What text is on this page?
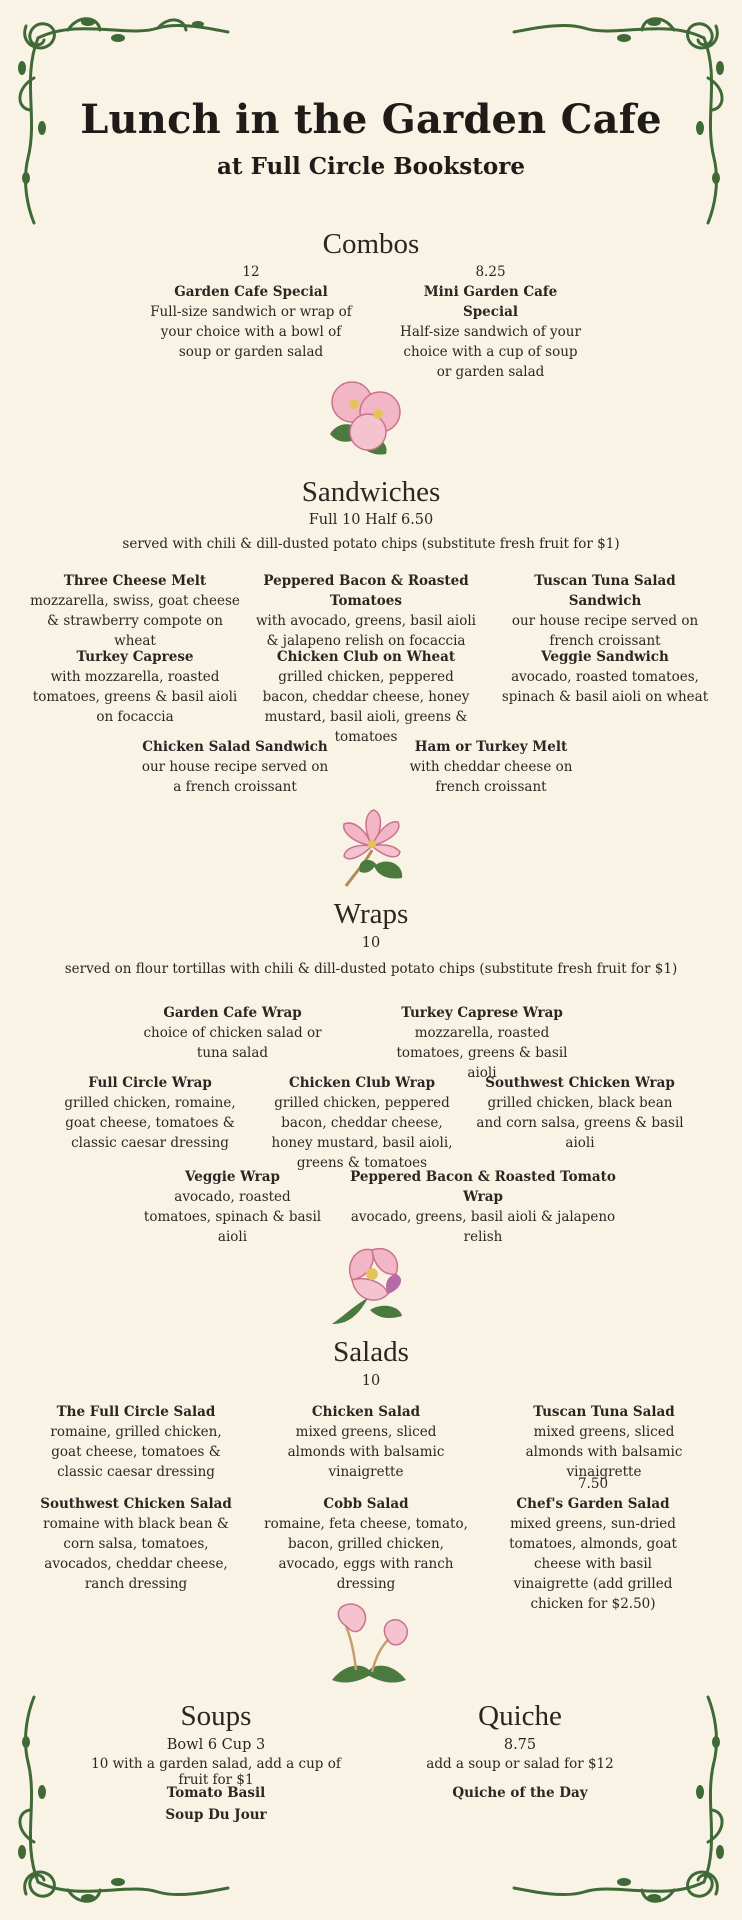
Lunch in the Garden Cafe
at Full Circle Bookstore
Combos
12
Garden Cafe Special
Full-size sandwich or wrap of your choice with a bowl of soup or garden salad
8.25
Mini Garden Cafe Special
Half-size sandwich of your choice with a cup of soup or garden salad
Sandwiches
Full 10 Half 6.50
served with chili & dill-dusted potato chips (substitute fresh fruit for $1)
Three Cheese Melt
mozzarella, swiss, goat cheese & strawberry compote on wheat
Peppered Bacon & Roasted Tomatoes
with avocado, greens, basil aioli & jalapeno relish on focaccia
Tuscan Tuna Salad Sandwich
our house recipe served on french croissant
Turkey Caprese
with mozzarella, roasted tomatoes, greens & basil aioli on focaccia
Chicken Club on Wheat
grilled chicken, peppered bacon, cheddar cheese, honey mustard, basil aioli, greens & tomatoes
Veggie Sandwich
avocado, roasted tomatoes, spinach & basil aioli on wheat
Chicken Salad Sandwich
our house recipe served on a french croissant
Ham or Turkey Melt
with cheddar cheese on french croissant
Wraps
10
served on flour tortillas with chili & dill-dusted potato chips (substitute fresh fruit for $1)
Garden Cafe Wrap
choice of chicken salad or tuna salad
Turkey Caprese Wrap
mozzarella, roasted tomatoes, greens & basil aioli
Full Circle Wrap
grilled chicken, romaine, goat cheese, tomatoes & classic caesar dressing
Chicken Club Wrap
grilled chicken, peppered bacon, cheddar cheese, honey mustard, basil aioli, greens & tomatoes
Southwest Chicken Wrap
grilled chicken, black bean and corn salsa, greens & basil aioli
Veggie Wrap
avocado, roasted tomatoes, spinach & basil aioli
Peppered Bacon & Roasted Tomato Wrap
avocado, greens, basil aioli & jalapeno relish
Salads
10
The Full Circle Salad
romaine, grilled chicken, goat cheese, tomatoes & classic caesar dressing
Chicken Salad
mixed greens, sliced almonds with balsamic vinaigrette
Tuscan Tuna Salad
mixed greens, sliced almonds with balsamic vinaigrette
Southwest Chicken Salad
romaine with black bean & corn salsa, tomatoes, avocados, cheddar cheese, ranch dressing
Cobb Salad
romaine, feta cheese, tomato, bacon, grilled chicken, avocado, eggs with ranch dressing
7.50
Chef's Garden Salad
mixed greens, sun-dried tomatoes, almonds, goat cheese with basil vinaigrette (add grilled chicken for $2.50)
Soups
Bowl 6 Cup 3
10 with a garden salad, add a cup of fruit for $1
Tomato Basil
Soup Du Jour
Quiche
8.75
add a soup or salad for $12
Quiche of the Day
